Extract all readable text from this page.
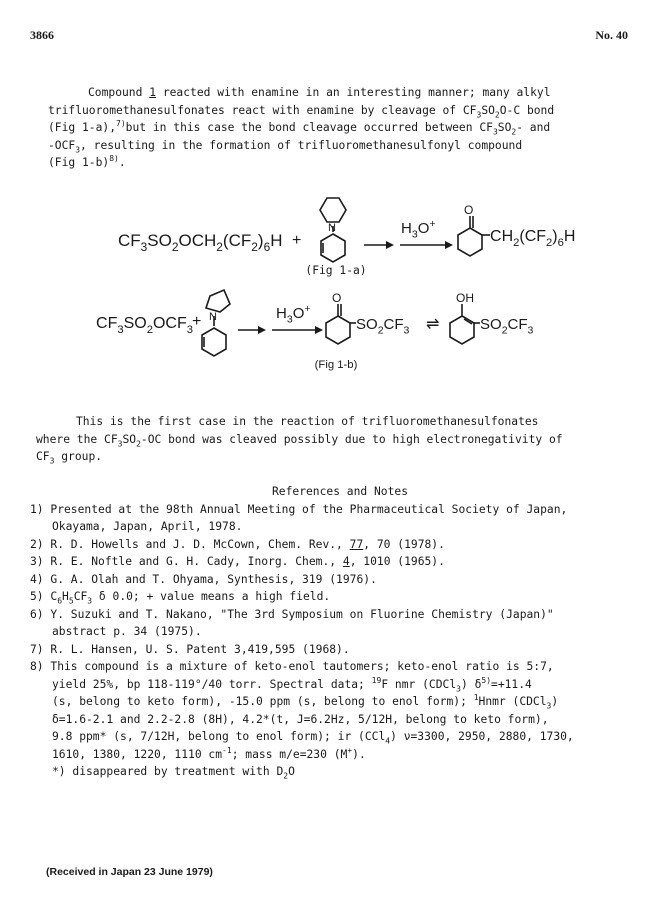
3866	No. 40
Compound 1 reacted with enamine in an interesting manner; many alkyl
trifluoromethanesulfonates react with enamine by cleavage of $CF_3SO_2O-C$ bond
(Fig 1-a),$^{7)}$but in this case the bond cleavage occurred between $CF_3SO_2-$ and
$-OCF_3$, resulting in the formation of trifluoromethanesulfonyl compound
(Fig 1-b)$^{8)}$.
$CF_3SO_2OCH_2(CF_2)_6H$ +
N	$H_3O^+$
O
$CH_2(CF_2)_6H$
(Fig 1-a)
$CF_3SO_2OCF_3 + N$	$H_3O^+$
O
$SO_2CF_3$ ⇌
OH
$SO_2CF_3$
(Fig 1-b)
This is the first case in the reaction of trifluoromethanesulfonates
where the $CF_3SO_2-OC$ bond was cleaved possibly due to high electronegativity of
$CF_3$ group.
References and Notes
1) Presented at the 98th Annual Meeting of the Pharmaceutical Society of Japan,
Okayama, Japan, April, 1978.
2) R. D. Howells and J. D. McCown, Chem. Rev., 77, 70 (1978).
3) R. E. Noftle and G. H. Cady, Inorg. Chem., 4, 1010 (1965).
4) G. A. Olah and T. Ohyama, Synthesis, 319 (1976).
5) $C_6H_5CF_3$ δ 0.0; + value means a high field.
6) Y. Suzuki and T. Nakano, "The 3rd Symposium on Fluorine Chemistry (Japan)"
abstract p. 34 (1975).
7) R. L. Hansen, U. S. Patent 3,419,595 (1968).
8) This compound is a mixture of keto-enol tautomers; keto-enol ratio is 5:7,
yield 25%, bp 118-119°/40 torr. Spectral data; $^{19}$F nmr (CDCl$_3$) $\delta^{5)}=+11.4$
(s, belong to keto form), -15.0 ppm (s, belong to enol form); $^1$Hnmr (CDCl$_3$)
δ=1.6-2.1 and 2.2-2.8 (8H), 4.2*(t, J=6.2Hz, 5/12H, belong to keto form),
9.8 ppm* (s, 7/12H, belong to enol form); ir (CCl$_4$) ν=3300, 2950, 2880, 1730,
1610, 1380, 1220, 1110 $cm^{-1}$; mass m/e=230 (M+).
*) disappeared by treatment with $D_2O$
(Received in Japan 23 June 1979)
